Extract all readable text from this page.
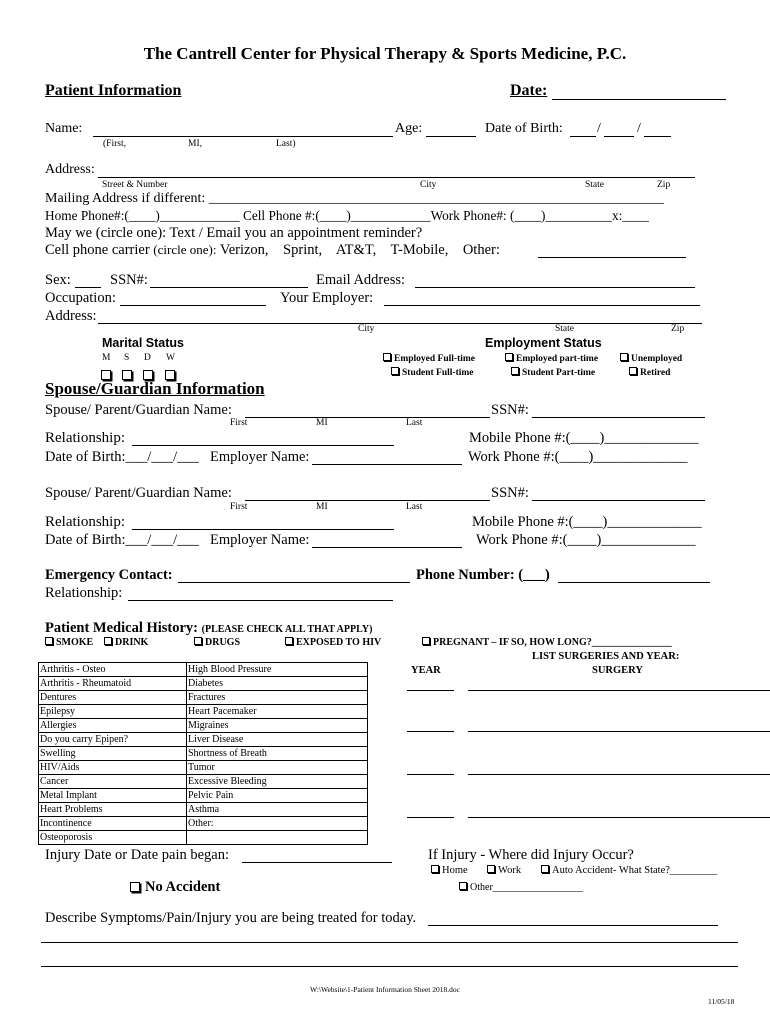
The Cantrell Center for Physical Therapy & Sports Medicine, P.C.
Patient Information	Date:
Name:	Age:	Date of Birth: /	/
(First,	MI,	Last)
Address:
Street & Number	City	State	Zip
Mailing Address if different: _________________________________________________________________
Home Phone#:(____)____________ Cell Phone #:(____)____________Work Phone#: (____)__________x:____
May we (circle one): Text / Email you an appointment reminder?
Cell phone carrier (circle one): Verizon,    Sprint,    AT&T,    T-Mobile,    Other:
Sex:	SSN#:	Email Address:
Occupation:	Your Employer:
Address:
City	State	Zip
Marital Status
M S D W
Employment Status
Employed Full-time	Employed part-time	Unemployed
Student Full-time	Student Part-time	Retired
Spouse/Guardian Information
Spouse/ Parent/Guardian Name:	SSN#:
First	MI	Last
Relationship:	Mobile Phone #:(____)_____________
Date of Birth:___/___/___ Employer Name:	Work Phone #:(____)_____________
Spouse/ Parent/Guardian Name:	SSN#:
First	MI	Last
Relationship:	Mobile Phone #:(____)_____________
Date of Birth:___/___/___ Employer Name:	Work Phone #:(____)_____________
Emergency Contact:	Phone Number: (___)
Relationship:
Patient Medical History: (PLEASE CHECK ALL THAT APPLY)
SMOKE	DRINK	DRUGS	EXPOSED TO HIV	PREGNANT – IF SO, HOW LONG?________________
Arthritis - Osteo	High Blood Pressure
Arthritis - Rheumatoid	Diabetes
Dentures	Fractures
Epilepsy	Heart Pacemaker
Allergies	Migraines
Do you carry Epipen?	Liver Disease
Swelling	Shortness of Breath
HIV/Aids	Tumor
Cancer	Excessive Bleeding
Metal Implant	Pelvic Pain
Heart Problems	Asthma
Incontinence	Other:
Osteoporosis	
LIST SURGERIES AND YEAR:
YEAR	SURGERY
Injury Date or Date pain began:	If Injury - Where did Injury Occur?
Home	Work	Auto Accident- What State?_________
Other__________________
No Accident
Describe Symptoms/Pain/Injury you are being treated for today.
W:\Website\1-Patient Information Sheet 2018.doc
11/05/18
